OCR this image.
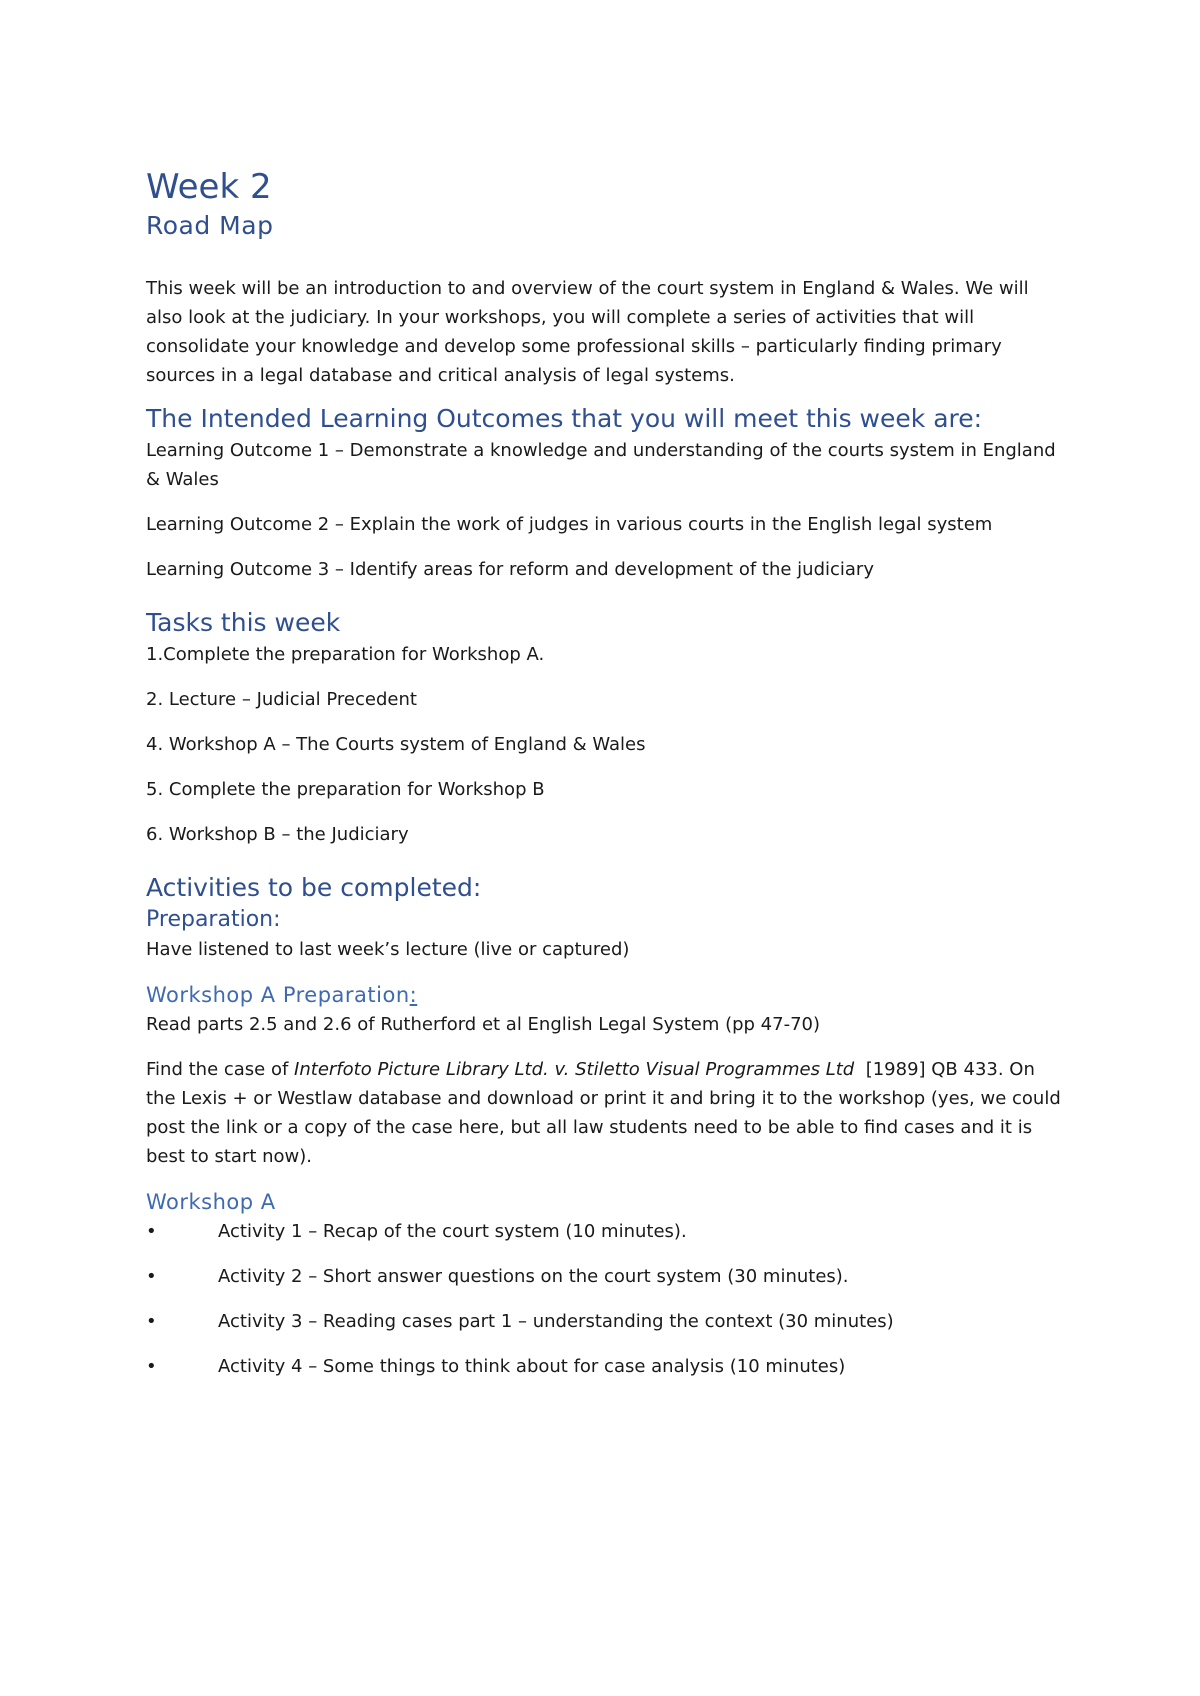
Week 2
Road Map

This week will be an introduction to and overview of the court system in England & Wales. We will also look at the judiciary. In your workshops, you will complete a series of activities that will consolidate your knowledge and develop some professional skills – particularly finding primary sources in a legal database and critical analysis of legal systems.

The Intended Learning Outcomes that you will meet this week are:

Learning Outcome 1 – Demonstrate a knowledge and understanding of the courts system in England & Wales

Learning Outcome 2 – Explain the work of judges in various courts in the English legal system

Learning Outcome 3 – Identify areas for reform and development of the judiciary

Tasks this week

1.Complete the preparation for Workshop A.

2. Lecture – Judicial Precedent

4. Workshop A – The Courts system of England & Wales

5. Complete the preparation for Workshop B

6. Workshop B – the Judiciary

Activities to be completed:
Preparation:

Have listened to last week’s lecture (live or captured)

Workshop A Preparation:

Read parts 2.5 and 2.6 of Rutherford et al English Legal System (pp 47-70)

Find the case of Interfoto Picture Library Ltd. v. Stiletto Visual Programmes Ltd  [1989] QB 433. On the Lexis + or Westlaw database and download or print it and bring it to the workshop (yes, we could post the link or a copy of the case here, but all law students need to be able to find cases and it is best to start now).

Workshop A
•	Activity 1 – Recap of the court system (10 minutes).
•	Activity 2 – Short answer questions on the court system (30 minutes).
•	Activity 3 – Reading cases part 1 – understanding the context (30 minutes)
•	Activity 4 – Some things to think about for case analysis (10 minutes)
